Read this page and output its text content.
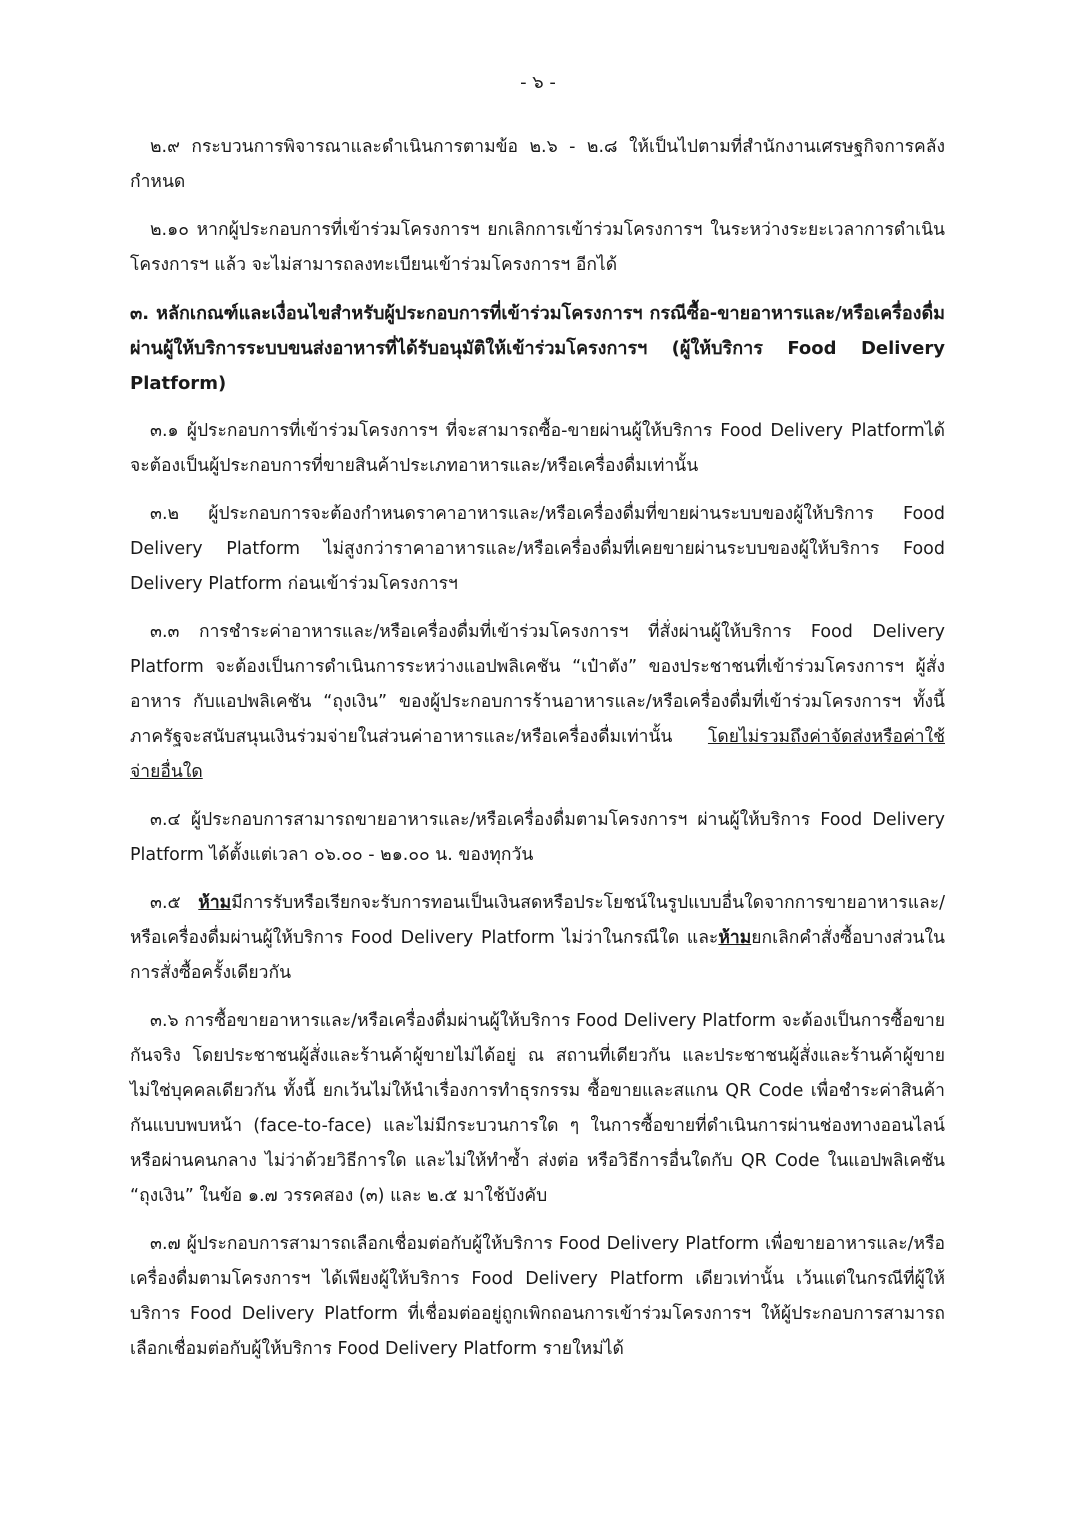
- ๖ -

๒.๙ กระบวนการพิจารณาและดำเนินการตามข้อ ๒.๖ - ๒.๘ ให้เป็นไปตามที่สำนักงานเศรษฐกิจการคลังกำหนด

๒.๑๐ หากผู้ประกอบการที่เข้าร่วมโครงการฯ ยกเลิกการเข้าร่วมโครงการฯ ในระหว่างระยะเวลาการดำเนินโครงการฯ แล้ว จะไม่สามารถลงทะเบียนเข้าร่วมโครงการฯ อีกได้

๓. หลักเกณฑ์และเงื่อนไขสำหรับผู้ประกอบการที่เข้าร่วมโครงการฯ กรณีซื้อ-ขายอาหารและ/หรือเครื่องดื่มผ่านผู้ให้บริการระบบขนส่งอาหารที่ได้รับอนุมัติให้เข้าร่วมโครงการฯ (ผู้ให้บริการ Food Delivery Platform)

๓.๑ ผู้ประกอบการที่เข้าร่วมโครงการฯ ที่จะสามารถซื้อ-ขายผ่านผู้ให้บริการ Food Delivery Platformได้จะต้องเป็นผู้ประกอบการที่ขายสินค้าประเภทอาหารและ/หรือเครื่องดื่มเท่านั้น

๓.๒ ผู้ประกอบการจะต้องกำหนดราคาอาหารและ/หรือเครื่องดื่มที่ขายผ่านระบบของผู้ให้บริการ Food Delivery Platform ไม่สูงกว่าราคาอาหารและ/หรือเครื่องดื่มที่เคยขายผ่านระบบของผู้ให้บริการ Food Delivery Platform ก่อนเข้าร่วมโครงการฯ

๓.๓ การชำระค่าอาหารและ/หรือเครื่องดื่มที่เข้าร่วมโครงการฯ ที่สั่งผ่านผู้ให้บริการ Food Delivery Platform จะต้องเป็นการดำเนินการระหว่างแอปพลิเคชัน “เป๋าตัง” ของประชาชนที่เข้าร่วมโครงการฯ ผู้สั่งอาหาร กับแอปพลิเคชัน “ถุงเงิน” ของผู้ประกอบการร้านอาหารและ/หรือเครื่องดื่มที่เข้าร่วมโครงการฯ ทั้งนี้ ภาครัฐจะสนับสนุนเงินร่วมจ่ายในส่วนค่าอาหารและ/หรือเครื่องดื่มเท่านั้น โดยไม่รวมถึงค่าจัดส่งหรือค่าใช้จ่ายอื่นใด

๓.๔ ผู้ประกอบการสามารถขายอาหารและ/หรือเครื่องดื่มตามโครงการฯ ผ่านผู้ให้บริการ Food Delivery Platform ได้ตั้งแต่เวลา ๐๖.๐๐ - ๒๑.๐๐ น. ของทุกวัน

๓.๕ ห้ามมีการรับหรือเรียกจะรับการทอนเป็นเงินสดหรือประโยชน์ในรูปแบบอื่นใดจากการขายอาหารและ/หรือเครื่องดื่มผ่านผู้ให้บริการ Food Delivery Platform ไม่ว่าในกรณีใด และห้ามยกเลิกคำสั่งซื้อบางส่วนในการสั่งซื้อครั้งเดียวกัน

๓.๖ การซื้อขายอาหารและ/หรือเครื่องดื่มผ่านผู้ให้บริการ Food Delivery Platform จะต้องเป็นการซื้อขายกันจริง โดยประชาชนผู้สั่งและร้านค้าผู้ขายไม่ได้อยู่ ณ สถานที่เดียวกัน และประชาชนผู้สั่งและร้านค้าผู้ขายไม่ใช่บุคคลเดียวกัน ทั้งนี้ ยกเว้นไม่ให้นำเรื่องการทำธุรกรรม ซื้อขายและสแกน QR Code เพื่อชำระค่าสินค้ากันแบบพบหน้า (face-to-face) และไม่มีกระบวนการใด ๆ ในการซื้อขายที่ดำเนินการผ่านช่องทางออนไลน์ หรือผ่านคนกลาง ไม่ว่าด้วยวิธีการใด และไม่ให้ทำซ้ำ ส่งต่อ หรือวิธีการอื่นใดกับ QR Code ในแอปพลิเคชัน “ถุงเงิน” ในข้อ ๑.๗ วรรคสอง (๓) และ ๒.๕ มาใช้บังคับ

๓.๗ ผู้ประกอบการสามารถเลือกเชื่อมต่อกับผู้ให้บริการ Food Delivery Platform เพื่อขายอาหารและ/หรือเครื่องดื่มตามโครงการฯ ได้เพียงผู้ให้บริการ Food Delivery Platform เดียวเท่านั้น เว้นแต่ในกรณีที่ผู้ให้บริการ Food Delivery Platform ที่เชื่อมต่ออยู่ถูกเพิกถอนการเข้าร่วมโครงการฯ ให้ผู้ประกอบการสามารถเลือกเชื่อมต่อกับผู้ให้บริการ Food Delivery Platform รายใหม่ได้
